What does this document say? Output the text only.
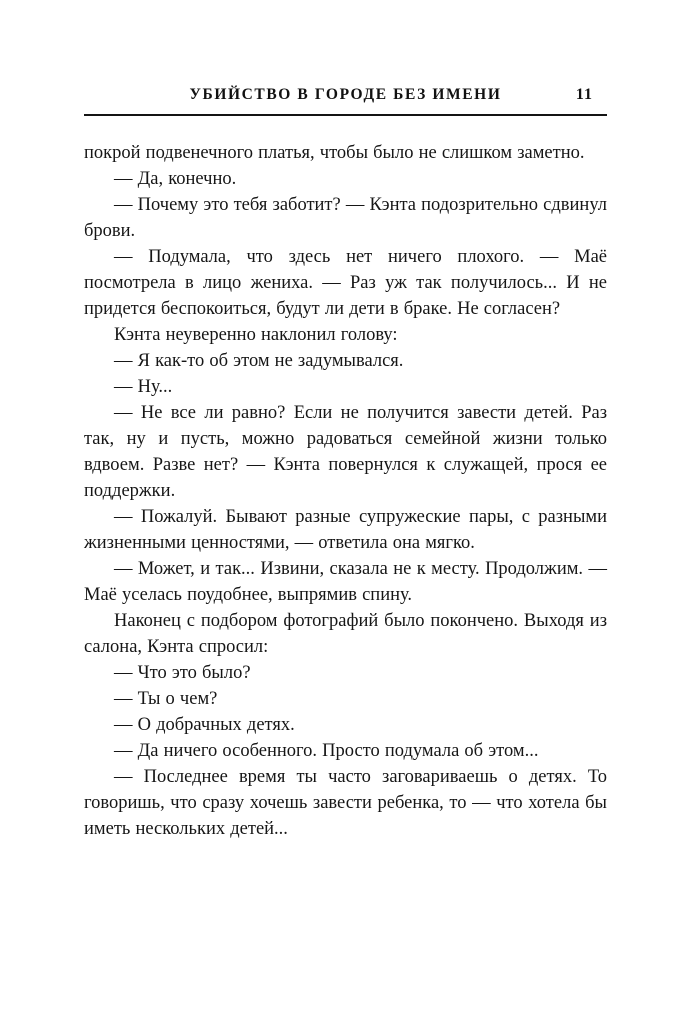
УБИЙСТВО В ГОРОДЕ БЕЗ ИМЕНИ	11

покрой подвенечного платья, чтобы было не слишком заметно.

— Да, конечно.

— Почему это тебя заботит? — Кэнта подозрительно сдвинул брови.

— Подумала, что здесь нет ничего плохого. — Маё посмотрела в лицо жениха. — Раз уж так получилось... И не придется беспокоиться, будут ли дети в браке. Не согласен?

Кэнта неуверенно наклонил голову:

— Я как-то об этом не задумывался.

— Ну...

— Не все ли равно? Если не получится завести детей. Раз так, ну и пусть, можно радоваться семейной жизни только вдвоем. Разве нет? — Кэнта повернулся к служащей, прося ее поддержки.

— Пожалуй. Бывают разные супружеские пары, с разными жизненными ценностями, — ответила она мягко.

— Может, и так... Извини, сказала не к месту. Продолжим. — Маё уселась поудобнее, выпрямив спину.

Наконец с подбором фотографий было покончено. Выходя из салона, Кэнта спросил:

— Что это было?

— Ты о чем?

— О добрачных детях.

— Да ничего особенного. Просто подумала об этом...

— Последнее время ты часто заговариваешь о детях. То говоришь, что сразу хочешь завести ребенка, то — что хотела бы иметь нескольких детей...
